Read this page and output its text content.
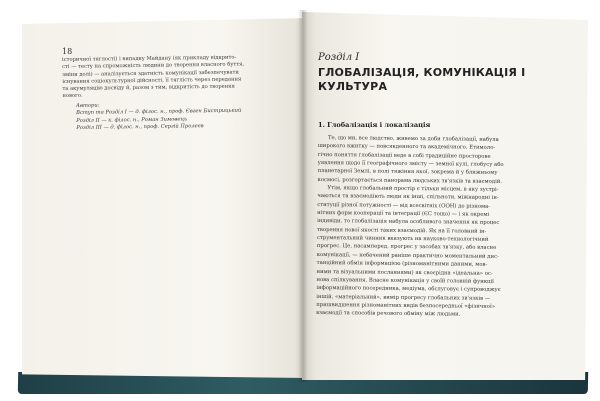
18

історичної тяглості) і випадку Майдану (як прикладу відкрито-

сті — тесту на спроможність людини до творення власного буття,

зміни долі) — аналізується здатність комунікації забезпечувати

існування соціокультурної дійсності, її тяглість через передання

та акумуляцію досвіду й, разом з тим, відкритість до творення

нового.

Автори:
Вступ та Розділ І — д. філос. н., проф. Євген Бистрицький
Розділ ІІ — к. філос. н., Роман Зимовець
Розділ ІІІ — д. філос. н., проф. Сергій Пролеєв
Розділ І
ГЛОБАЛІЗАЦІЯ, КОМУНІКАЦІЯ І КУЛЬТУРА
1. Глобалізація і локалізація

Те, що ми, все людство, живемо за доби глобалізації, набула

широкого вжитку — повсякденного та академічного. Етимоло-

гічно поняття глобалізації веде в собі традиційне просторове

уявлення щодо її географічного змісту — земної кулі, глобусу або

планетарної Землі, в полі тяжіння якої, зокрема й у ближньому

космосі, розгортається панорама людських зв'язків та взаємодій.

Утім, якщо глобальний простір є тільки місцем, в яку зустрі-

чаються та взаємодіють люди як інші, спільноти, міжнародні ін-

ституції різної потужності — від всесвітніх (ООН) до різнома-

нітних форм кооперації та інтеграції (ЄС тощо) — і як окремі

індивіди, то глобалізація набула особливого значення як процес

творення нової якості таких взаємодій. Як на її головний ін-

струментальний чинник вказують на науково-технологічний

прогрес. Це, насамперед, прогрес у засобах зв'язку, або власне

комунікації, — небачений раніше практично моментальний дис-

танційний обмін інформацією (різноманітними даними, мов-

ними та візуальними посланнями) як своєрідна «ідеальна» ос-

нова спілкування. Власне комунікація у своїй головній функції

інформаційного посередника, медіума, обслуговує і супроводжує

іншій, «матеріальний», вимір прогресу глобальних зв'язків —

пришвидшення різноманітних видів безпосередньої «фізичної»

взаємодії та способів речового обміну між людьми.
